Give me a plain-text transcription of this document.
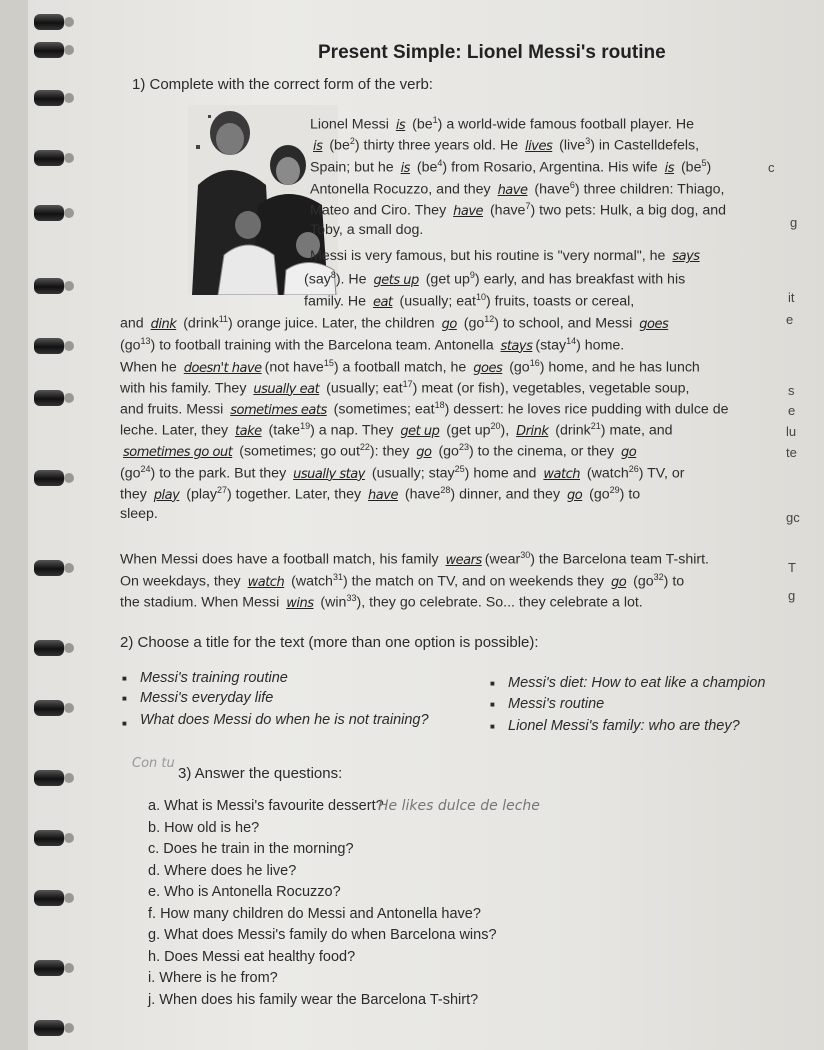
Present Simple: Lionel Messi's routine
1) Complete with the correct form of the verb:
Lionel Messi is $(be^1)$ a world-wide famous football player. He
is $(be^2)$ thirty three years old. He lives (live$^3$) in Castelldefels,
Spain; but he is $(be^4)$ from Rosario, Argentina. His wife is $(be^5)$
Antonella Rocuzzo, and they have (have$^6$) three children: Thiago,
Mateo and Ciro. They have (have$^7$) two pets: Hulk, a big dog, and
Toby, a small dog.
Messi is very famous, but his routine is "very normal", he says
(say$^8$). He gets up (get $up^9$) early, and has breakfast with his
family. He eat (usually; eat$^{10}$) fruits, toasts or cereal,
and dink (drink$^{11}$) orange juice. Later, the children go $(go^{12})$ to school, and Messi goes
$(go^{13})$ to football training with the Barcelona team. Antonella stays (stay$^{14}$) home.
When he doesn't have (not have$^{15}$) a football match, he goes $(go^{16})$ home, and he has lunch
with his family. They usually eat (usually; eat$^{17}$) meat (or fish), vegetables, vegetable soup,
and fruits. Messi sometimes eats (sometimes; eat$^{18}$) dessert: he loves rice pudding with dulce de
leche. Later, they take (take$^{19}$) a nap. They get up (get $up^{20}$), Drink (drink$^{21}$) mate, and
sometimes go out (sometimes; go out$^{22}$): they go $(go^{23})$ to the cinema, or they go
$(go^{24})$ to the park. But they usually stay (usually; stay$^{25}$) home and watch (watch$^{26}$) TV, or
they play (play$^{27}$) together. Later, they have (have$^{28}$) dinner, and they go $(go^{29})$ to
sleep.
When Messi does have a football match, his family wears (wear$^{30}$) the Barcelona team T-shirt.
On weekdays, they watch (watch$^{31}$) the match on TV, and on weekends they go $(go^{32})$ to
the stadium. When Messi wins (win$^{33}$), they go celebrate. So... they celebrate a lot.
2) Choose a title for the text (more than one option is possible):
■ Messi's training routine
■ Messi's everyday life
■ What does Messi do when he is not training?
■ Messi's diet: How to eat like a champion
■ Messi's routine
■ Lionel Messi's family: who are they?
Con tu
3) Answer the questions:
a. What is Messi's favourite dessert?
b. How old is he?
c. Does he train in the morning?
d. Where does he live?
e. Who is Antonella Rocuzzo?
f. How many children do Messi and Antonella have?
g. What does Messi's family do when Barcelona wins?
h. Does Messi eat healthy food?
i. Where is he from?
j. When does his family wear the Barcelona T-shirt?
He likes dulce de leche
c
g
it
e
s
e
lu
te
gc
T
g
